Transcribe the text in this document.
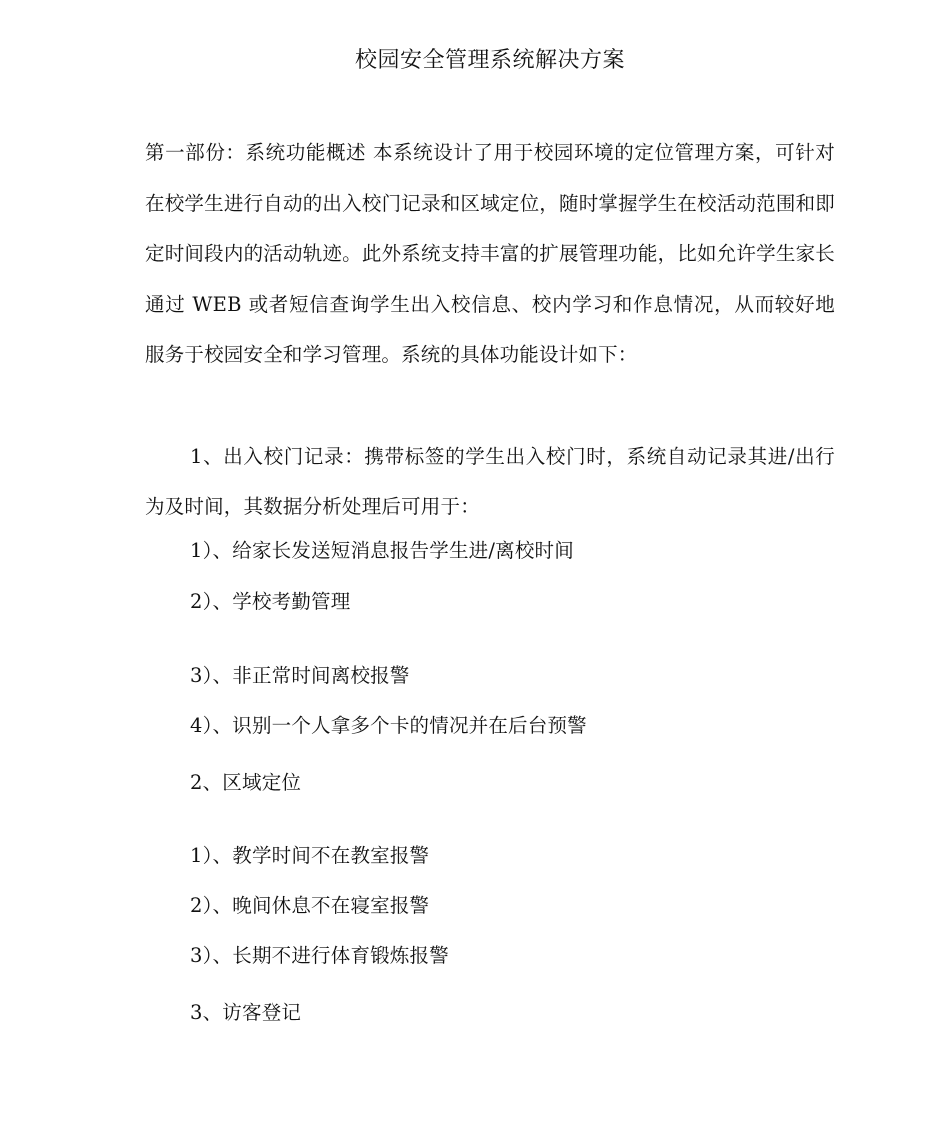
校园安全管理系统解决方案
第一部份：系统功能概述 本系统设计了用于校园环境的定位管理方案，可针对在校学生进行自动的出入校门记录和区域定位，随时掌握学生在校活动范围和即定时间段内的活动轨迹。此外系统支持丰富的扩展管理功能，比如允许学生家长通过 WEB 或者短信查询学生出入校信息、校内学习和作息情况，从而较好地服务于校园安全和学习管理。系统的具体功能设计如下：
1、出入校门记录：携带标签的学生出入校门时，系统自动记录其进/出行为及时间，其数据分析处理后可用于：
1）、给家长发送短消息报告学生进/离校时间
2）、学校考勤管理
3）、非正常时间离校报警
4）、识别一个人拿多个卡的情况并在后台预警
2、区域定位
1）、教学时间不在教室报警
2）、晚间休息不在寝室报警
3）、长期不进行体育锻炼报警
3、访客登记
